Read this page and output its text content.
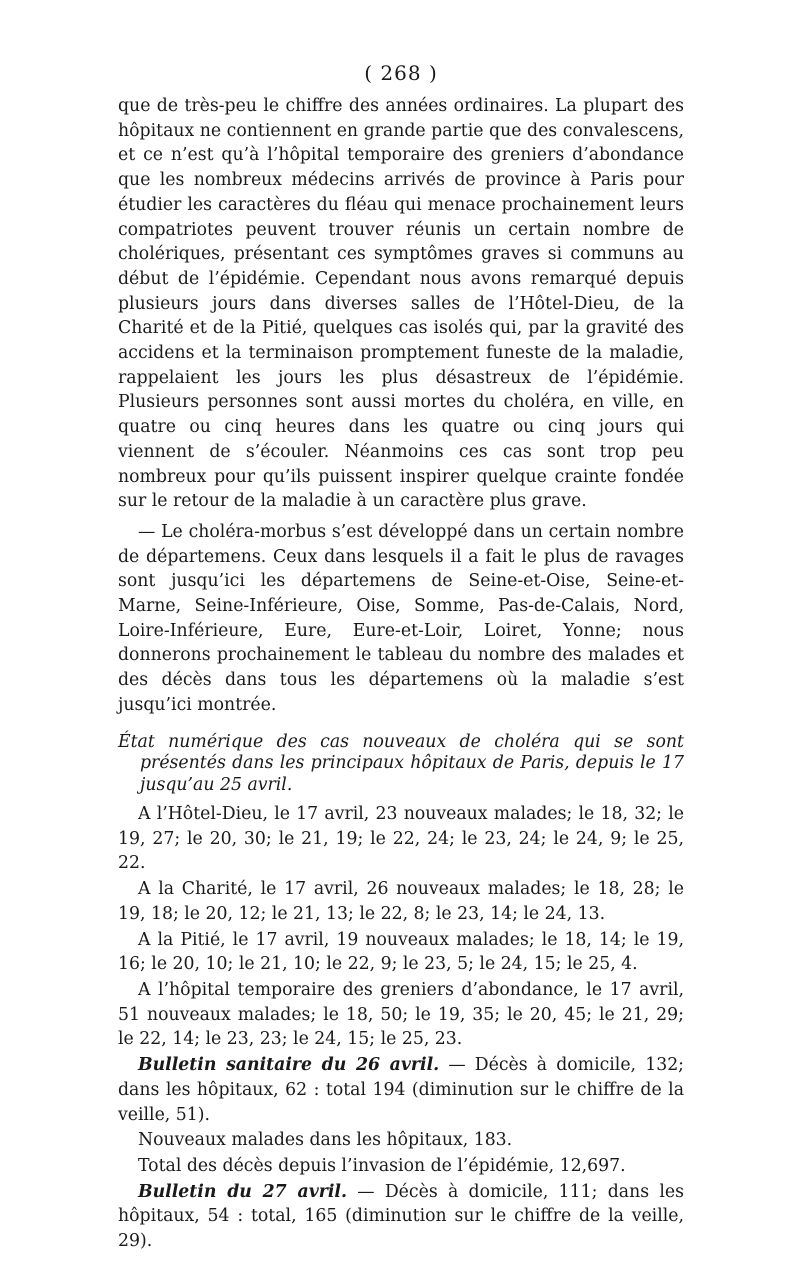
( 268 )

que de très-peu le chiffre des années ordinaires. La plupart des hôpitaux ne contiennent en grande partie que des convalescens, et ce n’est qu’à l’hôpital temporaire des greniers d’abondance que les nombreux médecins arrivés de province à Paris pour étudier les caractères du fléau qui menace prochainement leurs compatriotes peuvent trouver réunis un certain nombre de cholériques, présentant ces symptômes graves si communs au début de l’épidémie. Cependant nous avons remarqué depuis plusieurs jours dans diverses salles de l’Hôtel-Dieu, de la Charité et de la Pitié, quelques cas isolés qui, par la gravité des accidens et la terminaison promptement funeste de la maladie, rappelaient les jours les plus désastreux de l’épidémie. Plusieurs personnes sont aussi mortes du choléra, en ville, en quatre ou cinq heures dans les quatre ou cinq jours qui viennent de s’écouler. Néanmoins ces cas sont trop peu nombreux pour qu’ils puissent inspirer quelque crainte fondée sur le retour de la maladie à un caractère plus grave.

— Le choléra-morbus s’est développé dans un certain nombre de départemens. Ceux dans lesquels il a fait le plus de ravages sont jusqu’ici les départemens de Seine-et-Oise, Seine-et-Marne, Seine-Inférieure, Oise, Somme, Pas-de-Calais, Nord, Loire-Inférieure, Eure, Eure-et-Loir, Loiret, Yonne; nous donnerons prochainement le tableau du nombre des malades et des décès dans tous les départemens où la maladie s’est jusqu’ici montrée.

État numérique des cas nouveaux de choléra qui se sont présentés dans les principaux hôpitaux de Paris, depuis le 17 jusqu’au 25 avril.

A l’Hôtel-Dieu, le 17 avril, 23 nouveaux malades; le 18, 32; le 19, 27; le 20, 30; le 21, 19; le 22, 24; le 23, 24; le 24, 9; le 25, 22.

A la Charité, le 17 avril, 26 nouveaux malades; le 18, 28; le 19, 18; le 20, 12; le 21, 13; le 22, 8; le 23, 14; le 24, 13.

A la Pitié, le 17 avril, 19 nouveaux malades; le 18, 14; le 19, 16; le 20, 10; le 21, 10; le 22, 9; le 23, 5; le 24, 15; le 25, 4.

A l’hôpital temporaire des greniers d’abondance, le 17 avril, 51 nouveaux malades; le 18, 50; le 19, 35; le 20, 45; le 21, 29; le 22, 14; le 23, 23; le 24, 15; le 25, 23.

Bulletin sanitaire du 26 avril. — Décès à domicile, 132; dans les hôpitaux, 62 : total 194 (diminution sur le chiffre de la veille, 51).

Nouveaux malades dans les hôpitaux, 183.

Total des décès depuis l’invasion de l’épidémie, 12,697.

Bulletin du 27 avril. — Décès à domicile, 111; dans les hôpitaux, 54 : total, 165 (diminution sur le chiffre de la veille, 29).
